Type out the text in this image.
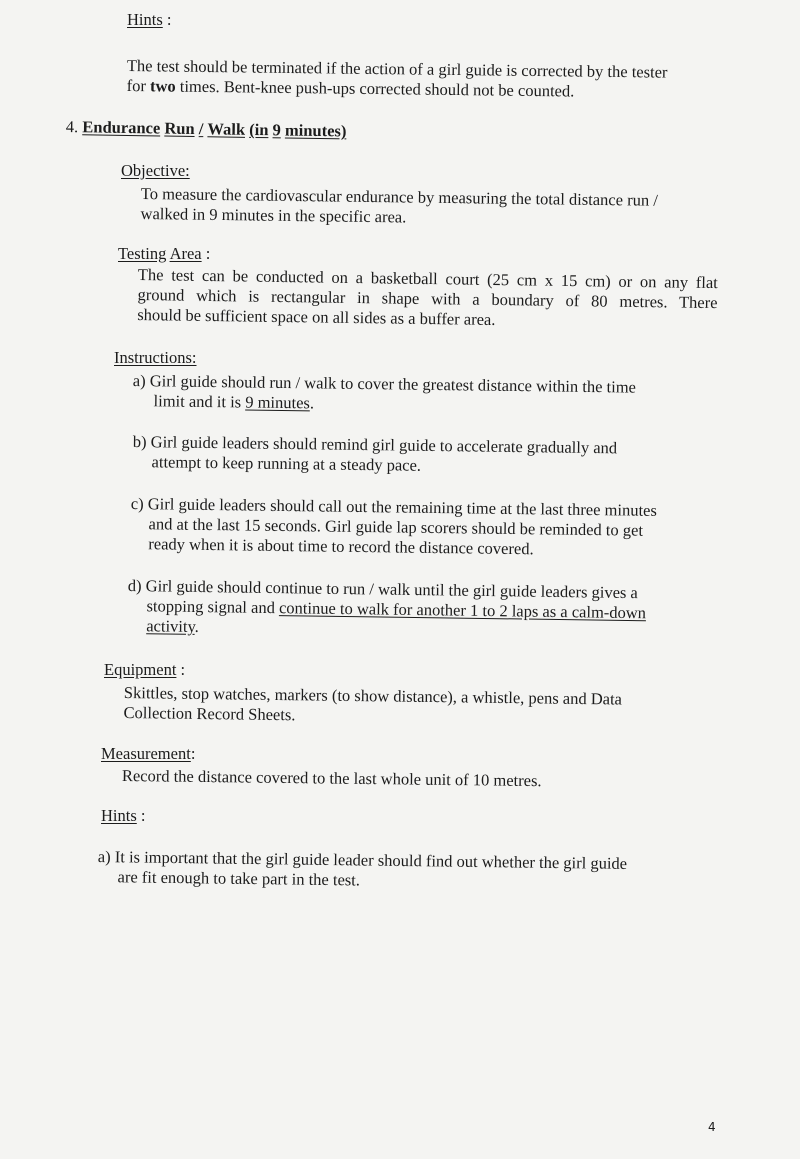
Hints :
The test should be terminated if the action of a girl guide is corrected by the tester
for two times. Bent-knee push-ups corrected should not be counted.
4. Endurance Run / Walk (in 9 minutes)
Objective:
To measure the cardiovascular endurance by measuring the total distance run /
walked in 9 minutes in the specific area.
Testing Area :
The test can be conducted on a basketball court (25 cm x 15 cm) or on any flat
ground which is rectangular in shape with a boundary of 80 metres. There
should be sufficient space on all sides as a buffer area.
Instructions:
a) Girl guide should run / walk to cover the greatest distance within the time
limit and it is 9 minutes.
b) Girl guide leaders should remind girl guide to accelerate gradually and
attempt to keep running at a steady pace.
c) Girl guide leaders should call out the remaining time at the last three minutes
and at the last 15 seconds. Girl guide lap scorers should be reminded to get
ready when it is about time to record the distance covered.
d) Girl guide should continue to run / walk until the girl guide leaders gives a
stopping signal and continue to walk for another 1 to 2 laps as a calm-down
activity.
Equipment :
Skittles, stop watches, markers (to show distance), a whistle, pens and Data
Collection Record Sheets.
Measurement:
Record the distance covered to the last whole unit of 10 metres.
Hints :
a) It is important that the girl guide leader should find out whether the girl guide
are fit enough to take part in the test.
4
